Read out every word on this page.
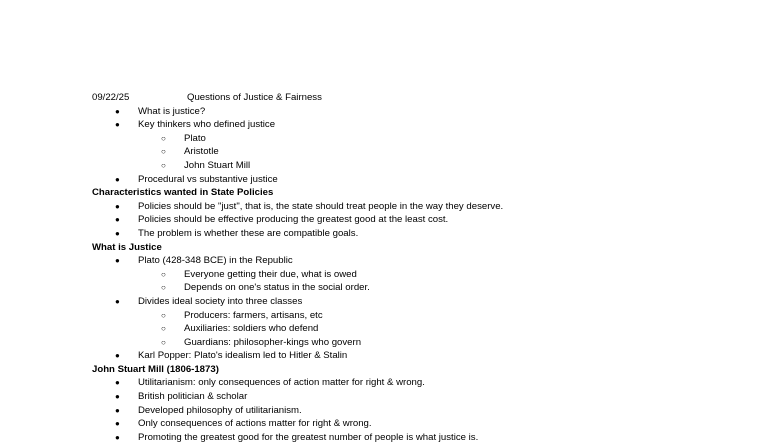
09/22/25	Questions of Justice & Fairness
● What is justice?
● Key thinkers who defined justice
○ Plato
○ Aristotle
○ John Stuart Mill
● Procedural vs substantive justice
Characteristics wanted in State Policies
● Policies should be "just", that is, the state should treat people in the way they deserve.
● Policies should be effective producing the greatest good at the least cost.
● The problem is whether these are compatible goals.
What is Justice
● Plato (428-348 BCE) in the Republic
○ Everyone getting their due, what is owed
○ Depends on one's status in the social order.
● Divides ideal society into three classes
○ Producers: farmers, artisans, etc
○ Auxiliaries: soldiers who defend
○ Guardians: philosopher-kings who govern
● Karl Popper: Plato's idealism led to Hitler & Stalin
John Stuart Mill (1806-1873)
● Utilitarianism: only consequences of action matter for right & wrong.
● British politician & scholar
● Developed philosophy of utilitarianism.
● Only consequences of actions matter for right & wrong.
● Promoting the greatest good for the greatest number of people is what justice is.
